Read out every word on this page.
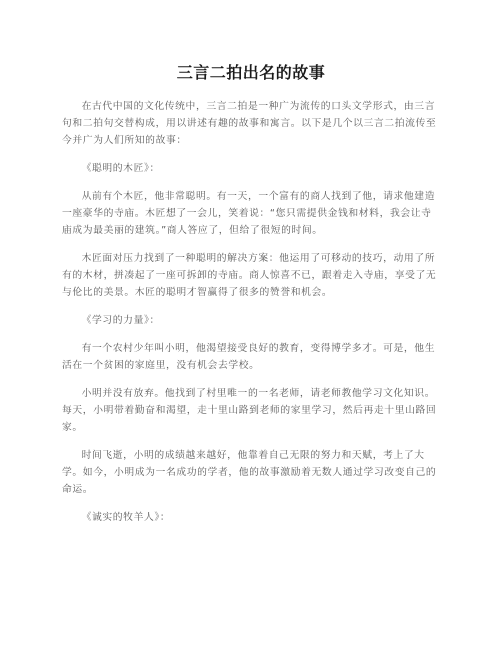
三言二拍出名的故事

在古代中国的文化传统中，三言二拍是一种广为流传的口头文学形式，由三言句和二拍句交替构成，用以讲述有趣的故事和寓言。以下是几个以三言二拍流传至今并广为人们所知的故事：

《聪明的木匠》：

从前有个木匠，他非常聪明。有一天，一个富有的商人找到了他，请求他建造一座豪华的寺庙。木匠想了一会儿，笑着说：“您只需提供金钱和材料，我会让寺庙成为最美丽的建筑。”商人答应了，但给了很短的时间。

木匠面对压力找到了一种聪明的解决方案：他运用了可移动的技巧，动用了所有的木材，拼凑起了一座可拆卸的寺庙。商人惊喜不已，跟着走入寺庙，享受了无与伦比的美景。木匠的聪明才智赢得了很多的赞誉和机会。

《学习的力量》：

有一个农村少年叫小明，他渴望接受良好的教育，变得博学多才。可是，他生活在一个贫困的家庭里，没有机会去学校。

小明并没有放弃。他找到了村里唯一的一名老师，请老师教他学习文化知识。每天，小明带着勤奋和渴望，走十里山路到老师的家里学习，然后再走十里山路回家。

时间飞逝，小明的成绩越来越好，他靠着自己无限的努力和天赋，考上了大学。如今，小明成为一名成功的学者，他的故事激励着无数人通过学习改变自己的命运。

《诚实的牧羊人》：
